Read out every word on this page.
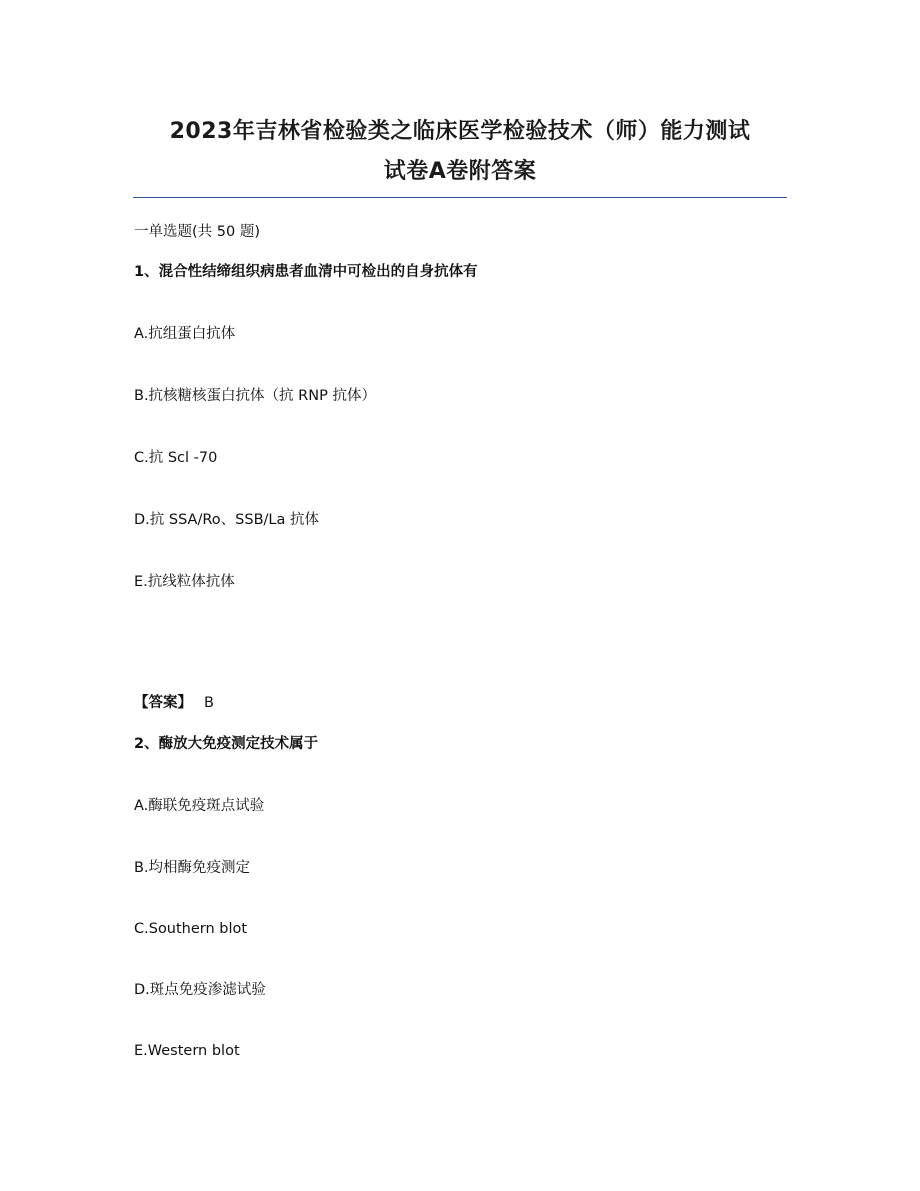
2023年吉林省检验类之临床医学检验技术（师）能力测试
试卷A卷附答案
一单选题(共 50 题)
1、混合性结缔组织病患者血清中可检出的自身抗体有
A.抗组蛋白抗体
B.抗核糖核蛋白抗体（抗 RNP 抗体）
C.抗 Scl -70
D.抗 SSA/Ro、SSB/La 抗体
E.抗线粒体抗体
【答案】 B
2、酶放大免疫测定技术属于
A.酶联免疫斑点试验
B.均相酶免疫测定
C.Southern blot
D.斑点免疫渗滤试验
E.Western blot
